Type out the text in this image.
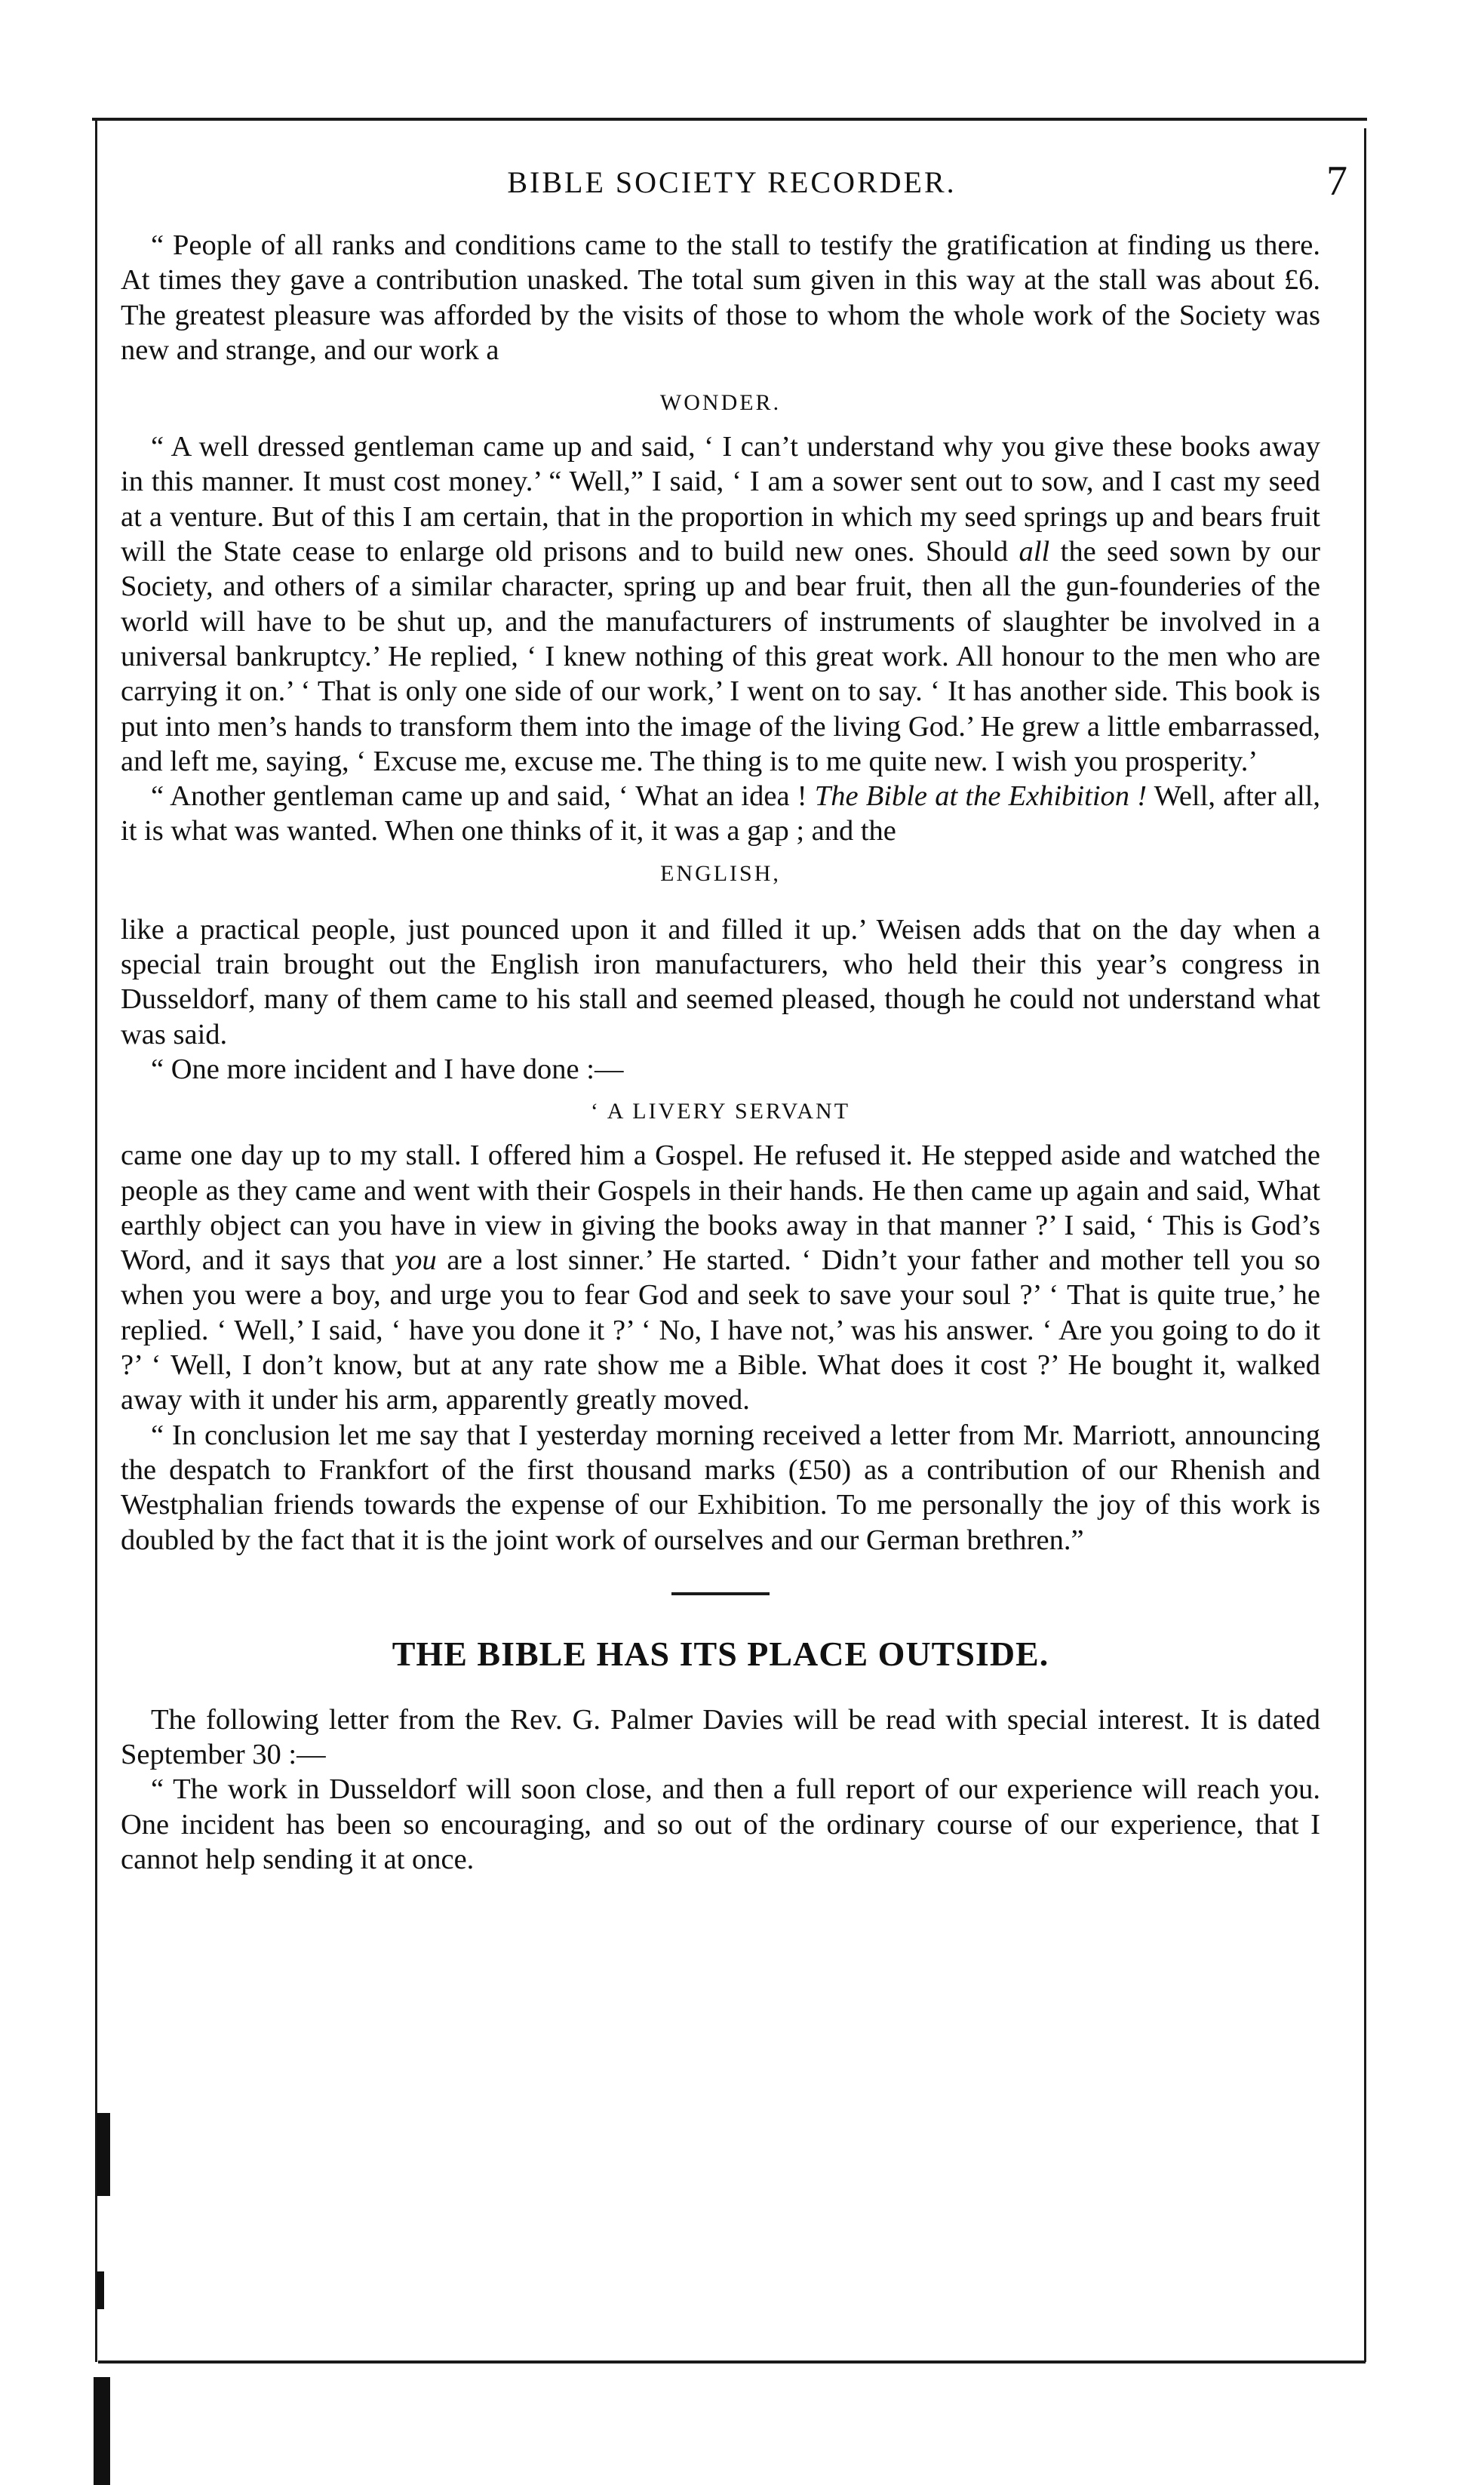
BIBLE SOCIETY RECORDER.	7

“ People of all ranks and conditions came to the stall to testify the gratification at finding us there. At times they gave a contribution unasked. The total sum given in this way at the stall was about £6. The greatest pleasure was afforded by the visits of those to whom the whole work of the Society was new and strange, and our work a

WONDER.

“ A well dressed gentleman came up and said, ‘ I can’t understand why you give these books away in this manner. It must cost money.’ “ Well,” I said, ‘ I am a sower sent out to sow, and I cast my seed at a venture. But of this I am certain, that in the proportion in which my seed springs up and bears fruit will the State cease to enlarge old prisons and to build new ones. Should all the seed sown by our Society, and others of a similar character, spring up and bear fruit, then all the gun-founderies of the world will have to be shut up, and the manufacturers of instruments of slaughter be involved in a universal bankruptcy.’ He replied, ‘ I knew nothing of this great work. All honour to the men who are carrying it on.’ ‘ That is only one side of our work,’ I went on to say. ‘ It has another side. This book is put into men’s hands to transform them into the image of the living God.’ He grew a little embarrassed, and left me, saying, ‘ Excuse me, excuse me. The thing is to me quite new. I wish you prosperity.’

“ Another gentleman came up and said, ‘ What an idea ! The Bible at the Exhibition ! Well, after all, it is what was wanted. When one thinks of it, it was a gap ; and the

ENGLISH,

like a practical people, just pounced upon it and filled it up.’ Weisen adds that on the day when a special train brought out the English iron manufacturers, who held their this year’s congress in Dusseldorf, many of them came to his stall and seemed pleased, though he could not understand what was said.

“ One more incident and I have done :—

‘ A LIVERY SERVANT

came one day up to my stall. I offered him a Gospel. He refused it. He stepped aside and watched the people as they came and went with their Gospels in their hands. He then came up again and said, What earthly object can you have in view in giving the books away in that manner ?’ I said, ‘ This is God’s Word, and it says that you are a lost sinner.’ He started. ‘ Didn’t your father and mother tell you so when you were a boy, and urge you to fear God and seek to save your soul ?’ ‘ That is quite true,’ he replied. ‘ Well,’ I said, ‘ have you done it ?’ ‘ No, I have not,’ was his answer. ‘ Are you going to do it ?’ ‘ Well, I don’t know, but at any rate show me a Bible. What does it cost ?’ He bought it, walked away with it under his arm, apparently greatly moved.

“ In conclusion let me say that I yesterday morning received a letter from Mr. Marriott, announcing the despatch to Frankfort of the first thousand marks (£50) as a contribution of our Rhenish and Westphalian friends towards the expense of our Exhibition. To me personally the joy of this work is doubled by the fact that it is the joint work of ourselves and our German brethren.”

THE BIBLE HAS ITS PLACE OUTSIDE.

The following letter from the Rev. G. Palmer Davies will be read with special interest. It is dated September 30 :—

“ The work in Dusseldorf will soon close, and then a full report of our experience will reach you. One incident has been so encouraging, and so out of the ordinary course of our experience, that I cannot help sending it at once.
